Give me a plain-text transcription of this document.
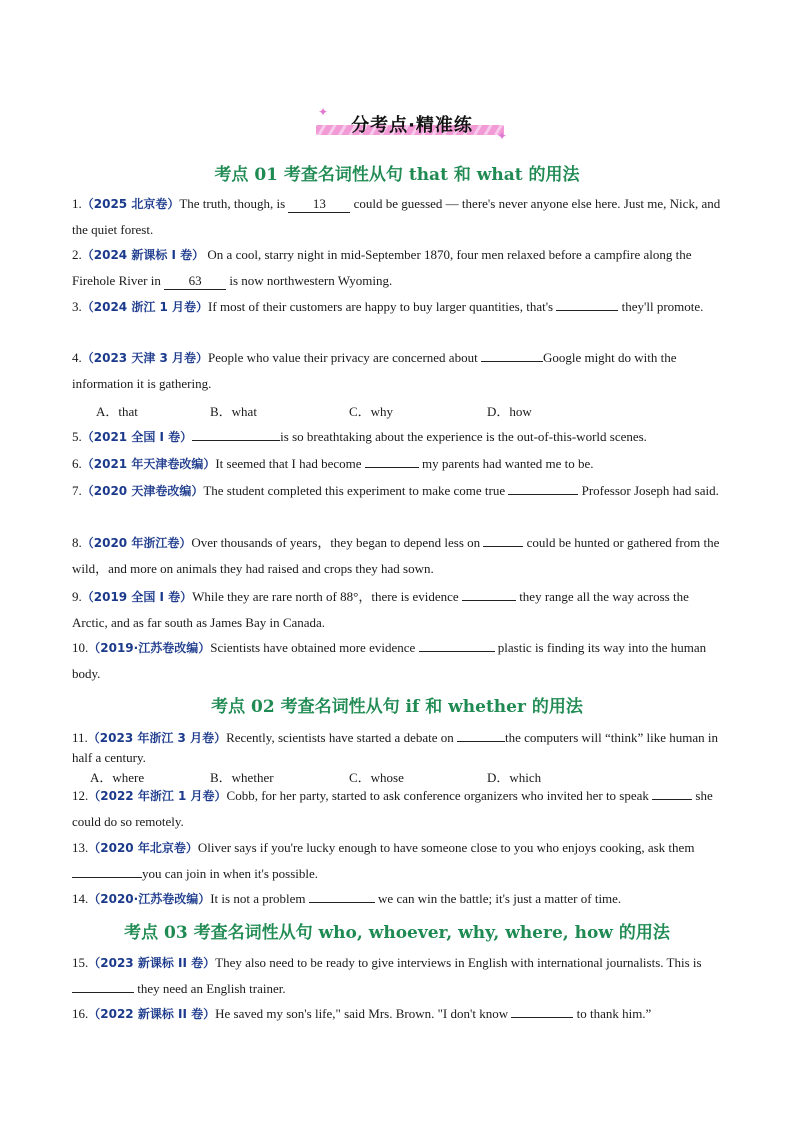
分考点·精准练
✦
✦
考点 01 考查名词性从句 that 和 what 的用法
1.（2025 北京卷）The truth, though, is 13 could be guessed — there's never anyone else here. Just me, Nick, and the quiet forest.
2.（2024 新课标 I 卷） On a cool, starry night in mid-September 1870, four men relaxed before a campfire along the Firehole River in 63 is now northwestern Wyoming.
3.（2024 浙江 1 月卷）If most of their customers are happy to buy larger quantities, that's	they'll promote.
4.（2023 天津 3 月卷）People who value their privacy are concerned about	Google might do with the information it is gathering.
A．that	B．what	C．why	D．how
5.（2021 全国 I 卷）	is so breathtaking about the experience is the out-of-this-world scenes.
6.（2021 年天津卷改编）It seemed that I had become	my parents had wanted me to be.
7.（2020 天津卷改编）The student completed this experiment to make come true	Professor Joseph had said.
8.（2020 年浙江卷）Over thousands of years，they began to depend less on	could be hunted or gathered from the wild，and more on animals they had raised and crops they had sown.
9.（2019 全国 I 卷）While they are rare north of 88°，there is evidence	they range all the way across the Arctic, and as far south as James Bay in Canada.
10.（2019·江苏卷改编）Scientists have obtained more evidence	plastic is finding its way into the human body.
考点 02 考查名词性从句 if 和 whether 的用法
11.（2023 年浙江 3 月卷）Recently, scientists have started a debate on	the computers will “think” like human in half a century.
A．where	B．whether	C．whose	D．which
12.（2022 年浙江 1 月卷）Cobb, for her party, started to ask conference organizers who invited her to speak	she could do so remotely.
13.（2020 年北京卷）Oliver says if you're lucky enough to have someone close to you who enjoys cooking, ask them you can join in when it's possible.
14.（2020·江苏卷改编）It is not a problem	we can win the battle; it's just a matter of time.
考点 03 考查名词性从句 who, whoever, why, where, how 的用法
15.（2023 新课标 II 卷）They also need to be ready to give interviews in English with international journalists. This is  they need an English trainer.
16.（2022 新课标 II 卷）He saved my son's life," said Mrs. Brown. "I don't know	to thank him.”
